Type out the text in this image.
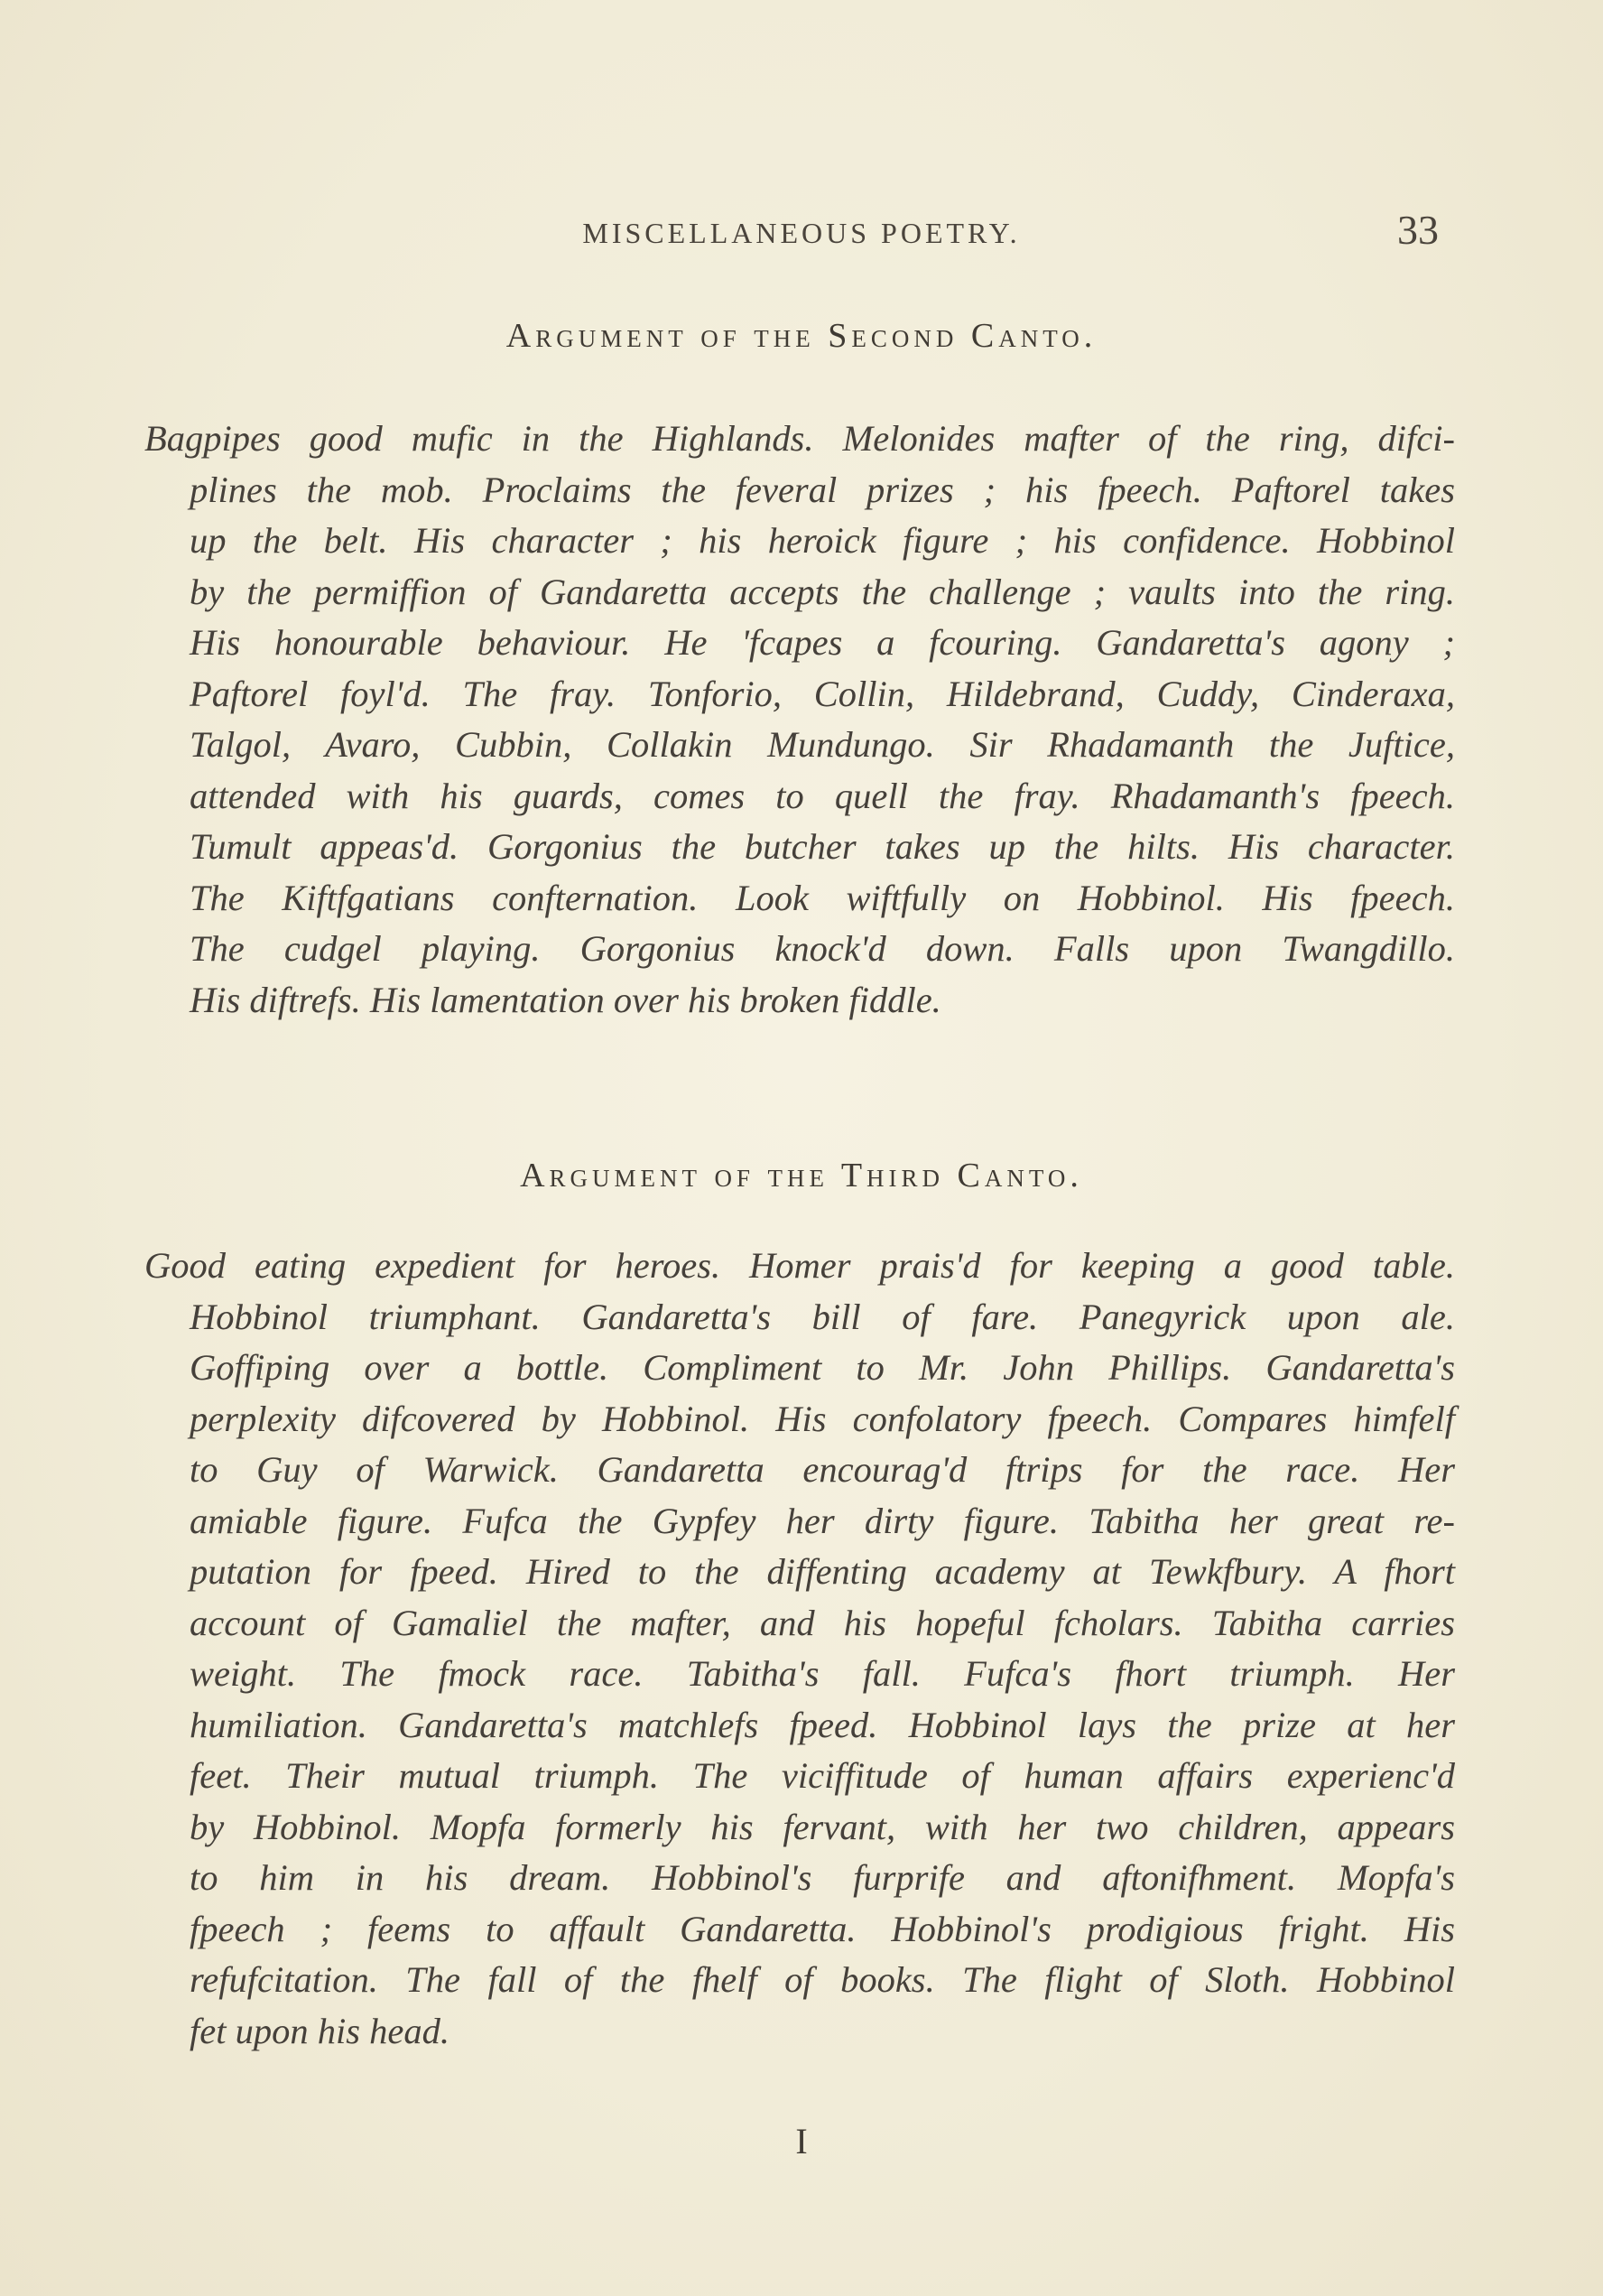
MISCELLANEOUS POETRY.	33
Argument of the Second Canto.
Bagpipes good mufic in the Highlands. Melonides mafter of the ring, difci-
plines the mob. Proclaims the feveral prizes ; his fpeech. Paftorel takes
up the belt. His character ; his heroick figure ; his confidence. Hobbinol
by the permiffion of Gandaretta accepts the challenge ; vaults into the ring.
His honourable behaviour. He 'fcapes a fcouring. Gandaretta's agony ;
Paftorel foyl'd. The fray. Tonforio, Collin, Hildebrand, Cuddy, Cinderaxa,
Talgol, Avaro, Cubbin, Collakin Mundungo. Sir Rhadamanth the Juftice,
attended with his guards, comes to quell the fray. Rhadamanth's fpeech.
Tumult appeas'd. Gorgonius the butcher takes up the hilts. His character.
The Kiftfgatians confternation. Look wiftfully on Hobbinol. His fpeech.
The cudgel playing. Gorgonius knock'd down. Falls upon Twangdillo.
His diftrefs. His lamentation over his broken fiddle.
Argument of the Third Canto.
Good eating expedient for heroes. Homer prais'd for keeping a good table.
Hobbinol triumphant. Gandaretta's bill of fare. Panegyrick upon ale.
Goffiping over a bottle. Compliment to Mr. John Phillips. Gandaretta's
perplexity difcovered by Hobbinol. His confolatory fpeech. Compares himfelf
to Guy of Warwick. Gandaretta encourag'd ftrips for the race. Her
amiable figure. Fufca the Gypfey her dirty figure. Tabitha her great re-
putation for fpeed. Hired to the diffenting academy at Tewkfbury. A fhort
account of Gamaliel the mafter, and his hopeful fcholars. Tabitha carries
weight. The fmock race. Tabitha's fall. Fufca's fhort triumph. Her
humiliation. Gandaretta's matchlefs fpeed. Hobbinol lays the prize at her
feet. Their mutual triumph. The viciffitude of human affairs experienc'd
by Hobbinol. Mopfa formerly his fervant, with her two children, appears
to him in his dream. Hobbinol's furprife and aftonifhment. Mopfa's
fpeech ; feems to affault Gandaretta. Hobbinol's prodigious fright. His
refufcitation. The fall of the fhelf of books. The flight of Sloth. Hobbinol
fet upon his head.
I
